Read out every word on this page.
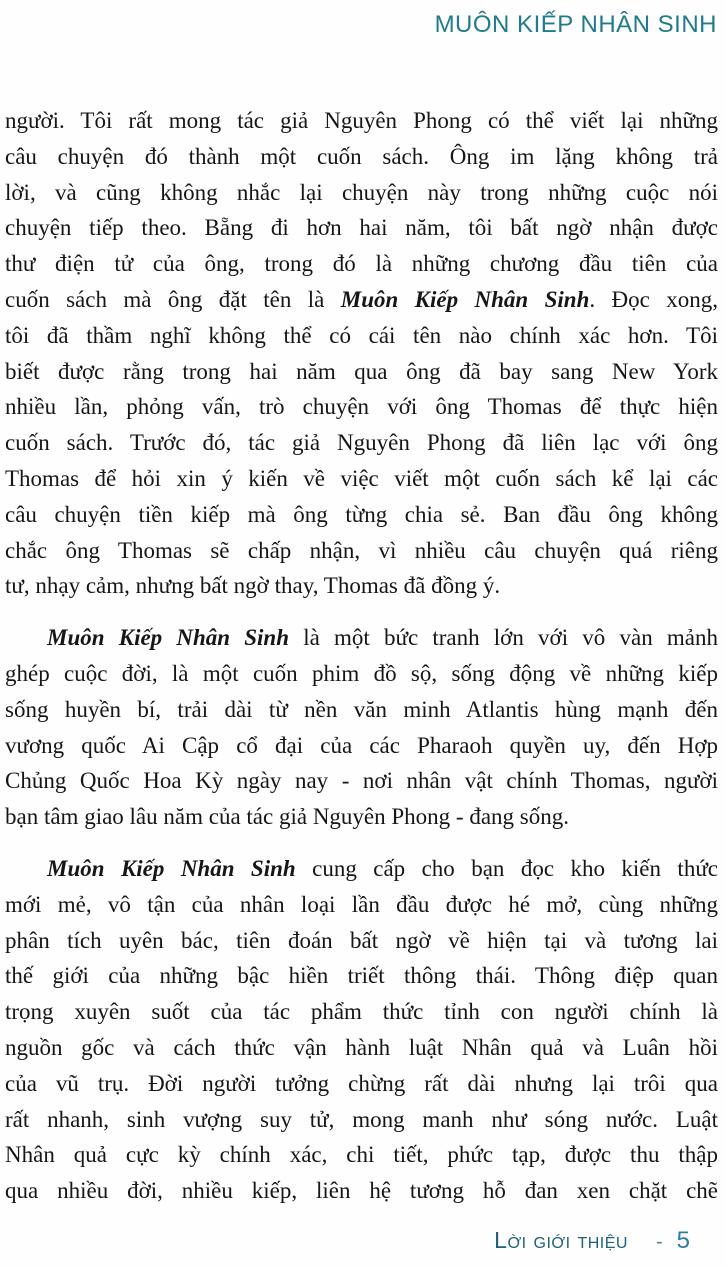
MUÔN KIẾP NHÂN SINH
người. Tôi rất mong tác giả Nguyên Phong có thể viết lại những
câu chuyện đó thành một cuốn sách. Ông im lặng không trả
lời, và cũng không nhắc lại chuyện này trong những cuộc nói
chuyện tiếp theo. Bẵng đi hơn hai năm, tôi bất ngờ nhận được
thư điện tử của ông, trong đó là những chương đầu tiên của
cuốn sách mà ông đặt tên là Muôn Kiếp Nhân Sinh. Đọc xong,
tôi đã thầm nghĩ không thể có cái tên nào chính xác hơn. Tôi
biết được rằng trong hai năm qua ông đã bay sang New York
nhiều lần, phỏng vấn, trò chuyện với ông Thomas để thực hiện
cuốn sách. Trước đó, tác giả Nguyên Phong đã liên lạc với ông
Thomas để hỏi xin ý kiến về việc viết một cuốn sách kể lại các
câu chuyện tiền kiếp mà ông từng chia sẻ. Ban đầu ông không
chắc ông Thomas sẽ chấp nhận, vì nhiều câu chuyện quá riêng
tư, nhạy cảm, nhưng bất ngờ thay, Thomas đã đồng ý.
Muôn Kiếp Nhân Sinh là một bức tranh lớn với vô vàn mảnh
ghép cuộc đời, là một cuốn phim đồ sộ, sống động về những kiếp
sống huyền bí, trải dài từ nền văn minh Atlantis hùng mạnh đến
vương quốc Ai Cập cổ đại của các Pharaoh quyền uy, đến Hợp
Chủng Quốc Hoa Kỳ ngày nay - nơi nhân vật chính Thomas, người
bạn tâm giao lâu năm của tác giả Nguyên Phong - đang sống.
Muôn Kiếp Nhân Sinh cung cấp cho bạn đọc kho kiến thức
mới mẻ, vô tận của nhân loại lần đầu được hé mở, cùng những
phân tích uyên bác, tiên đoán bất ngờ về hiện tại và tương lai
thế giới của những bậc hiền triết thông thái. Thông điệp quan
trọng xuyên suốt của tác phẩm thức tỉnh con người chính là
nguồn gốc và cách thức vận hành luật Nhân quả và Luân hồi
của vũ trụ. Đời người tưởng chừng rất dài nhưng lại trôi qua
rất nhanh, sinh vượng suy tử, mong manh như sóng nước. Luật
Nhân quả cực kỳ chính xác, chi tiết, phức tạp, được thu thập
qua nhiều đời, nhiều kiếp, liên hệ tương hỗ đan xen chặt chẽ
Lời giới thiệu - 5
